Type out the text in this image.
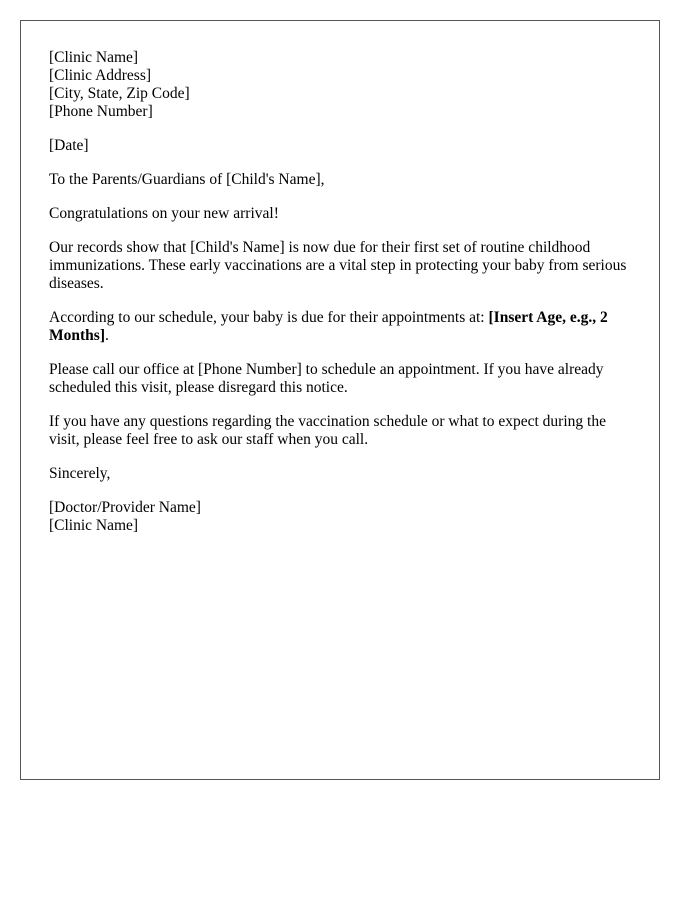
[Clinic Name]
[Clinic Address]
[City, State, Zip Code]
[Phone Number]

[Date]

To the Parents/Guardians of [Child's Name],

Congratulations on your new arrival!

Our records show that [Child's Name] is now due for their first set of routine childhood immunizations. These early vaccinations are a vital step in protecting your baby from serious diseases.

According to our schedule, your baby is due for their appointments at: [Insert Age, e.g., 2 Months].

Please call our office at [Phone Number] to schedule an appointment. If you have already scheduled this visit, please disregard this notice.

If you have any questions regarding the vaccination schedule or what to expect during the visit, please feel free to ask our staff when you call.

Sincerely,

[Doctor/Provider Name]
[Clinic Name]
